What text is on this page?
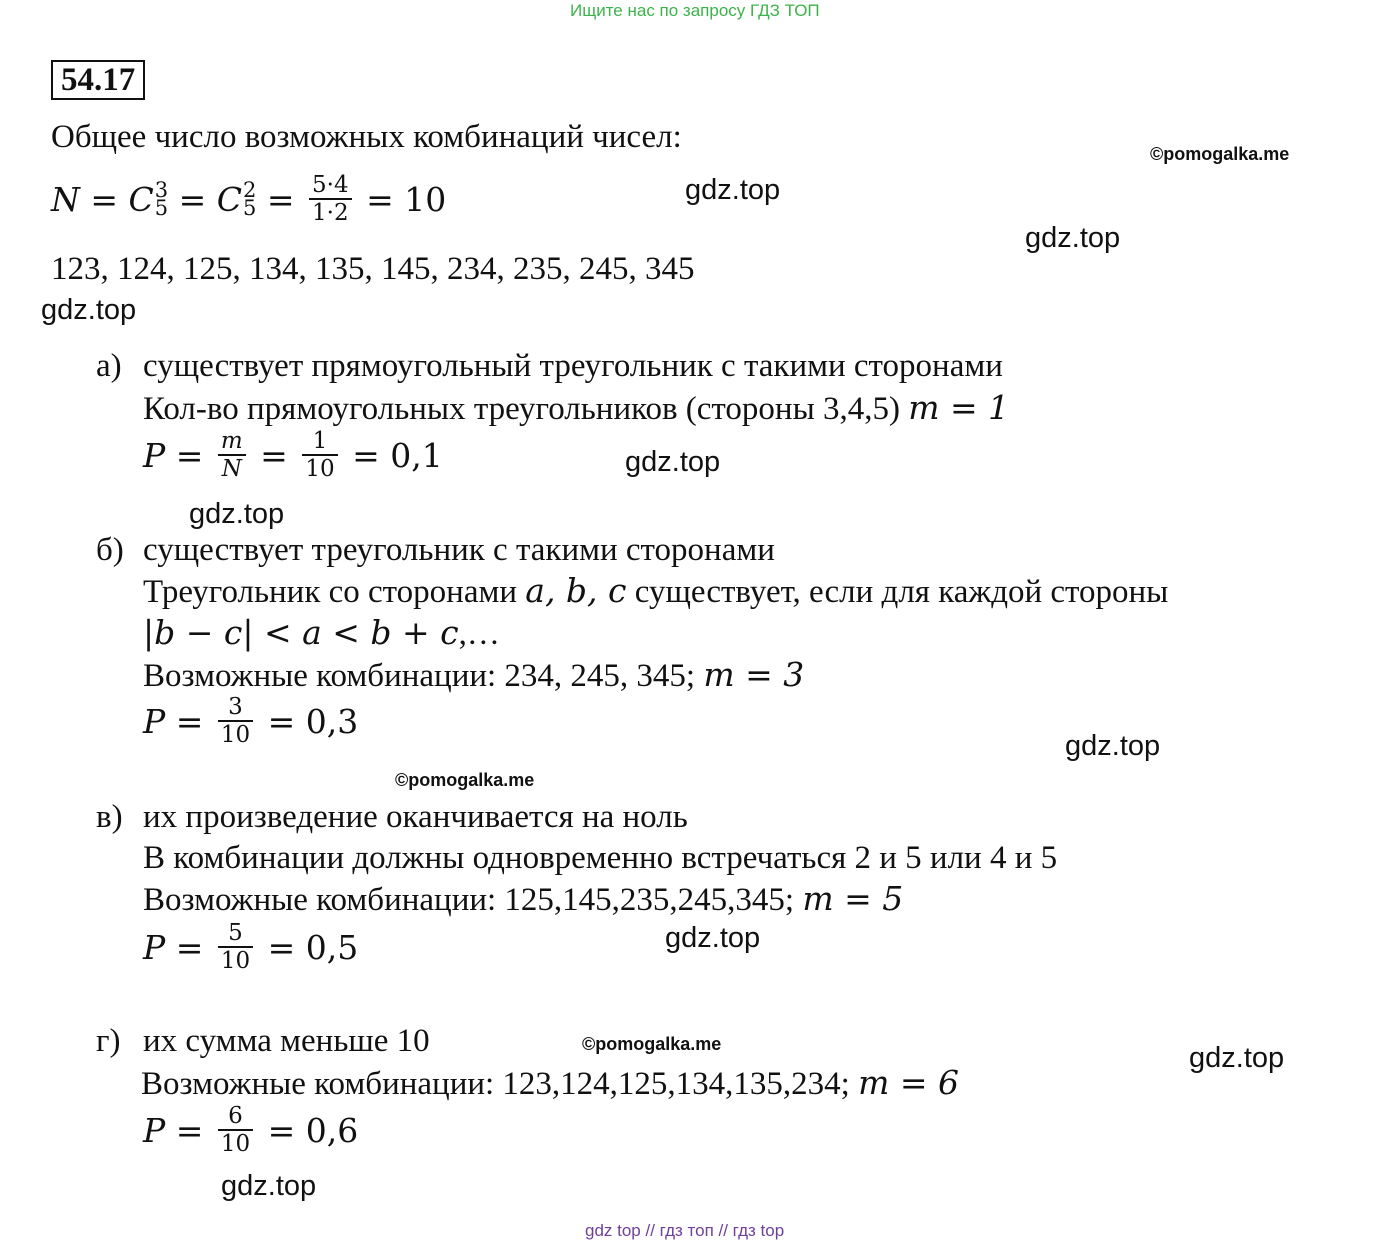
Ищите нас по запросу ГДЗ ТОП
54.17
Общее число возможных комбинаций чисел:
N = C 3
5 = C 2
$5 = \frac{5\cdot 4}{1\cdot 2} = 10$
123, 124, 125, 134, 135, 145, 234, 235, 245, 345
©pomogalka.me
gdz.top
gdz.top
gdz.top
а) существует прямоугольный треугольник с такими сторонами
Кол-во прямоугольных треугольников (стороны 3,4,5) m = 1
$P = \frac{m}{N} = \frac{1}{10} = 0,1$	gdz.top
gdz.top
б) существует треугольник с такими сторонами
Треугольник со сторонами a, b, c существует, если для каждой стороны
|b − c| < a < b + c,…
Возможные комбинации: 234, 245, 345; m = 3
$P = \frac{3}{10} = 0,3$
gdz.top
©pomogalka.me
в) их произведение оканчивается на ноль
В комбинации должны одновременно встречаться 2 и 5 или 4 и 5
Возможные комбинации: 125,145,235,245,345; m = 5
$P = \frac{5}{10} = 0,5$	gdz.top
г) их сумма меньше 10	©pomogalka.me	gdz.top
Возможные комбинации: 123,124,125,134,135,234; m = 6
$P = \frac{6}{10} = 0,6$
gdz.top
gdz top // гдз топ // гдз top
